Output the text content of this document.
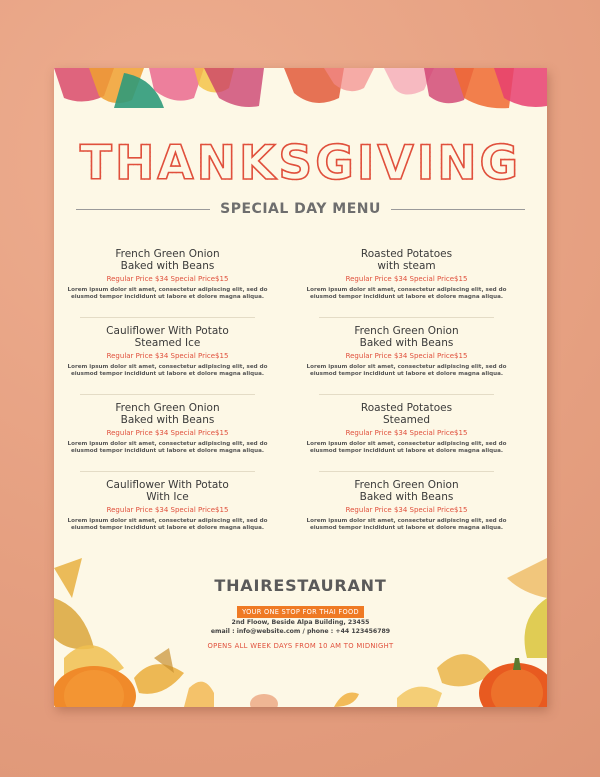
THANKSGIVING
SPECIAL DAY MENU
French Green Onion
Baked with Beans
Regular Price $34 Special Price$15
Lorem ipsum dolor sit amet, consectetur adipiscing elit, sed do
eiusmod tempor incididunt ut labore et dolore magna aliqua.
Cauliflower With Potato
Steamed Ice
Regular Price $34 Special Price$15
Lorem ipsum dolor sit amet, consectetur adipiscing elit, sed do
eiusmod tempor incididunt ut labore et dolore magna aliqua.
French Green Onion
Baked with Beans
Regular Price $34 Special Price$15
Lorem ipsum dolor sit amet, consectetur adipiscing elit, sed do
eiusmod tempor incididunt ut labore et dolore magna aliqua.
Cauliflower With Potato
With Ice
Regular Price $34 Special Price$15
Lorem ipsum dolor sit amet, consectetur adipiscing elit, sed do
eiusmod tempor incididunt ut labore et dolore magna aliqua.
Roasted Potatoes
with steam
Regular Price $34 Special Price$15
Lorem ipsum dolor sit amet, consectetur adipiscing elit, sed do
eiusmod tempor incididunt ut labore et dolore magna aliqua.
French Green Onion
Baked with Beans
Regular Price $34 Special Price$15
Lorem ipsum dolor sit amet, consectetur adipiscing elit, sed do
eiusmod tempor incididunt ut labore et dolore magna aliqua.
Roasted Potatoes
Steamed
Regular Price $34 Special Price$15
Lorem ipsum dolor sit amet, consectetur adipiscing elit, sed do
eiusmod tempor incididunt ut labore et dolore magna aliqua.
French Green Onion
Baked with Beans
Regular Price $34 Special Price$15
Lorem ipsum dolor sit amet, consectetur adipiscing elit, sed do
eiusmod tempor incididunt ut labore et dolore magna aliqua.
THAIRESTAURANT
YOUR ONE STOP FOR THAI FOOD
2nd Floow, Beside Alpa Building, 23455
email : info@website.com / phone : +44 123456789
OPENS ALL WEEK DAYS FROM 10 AM TO MIDNIGHT
